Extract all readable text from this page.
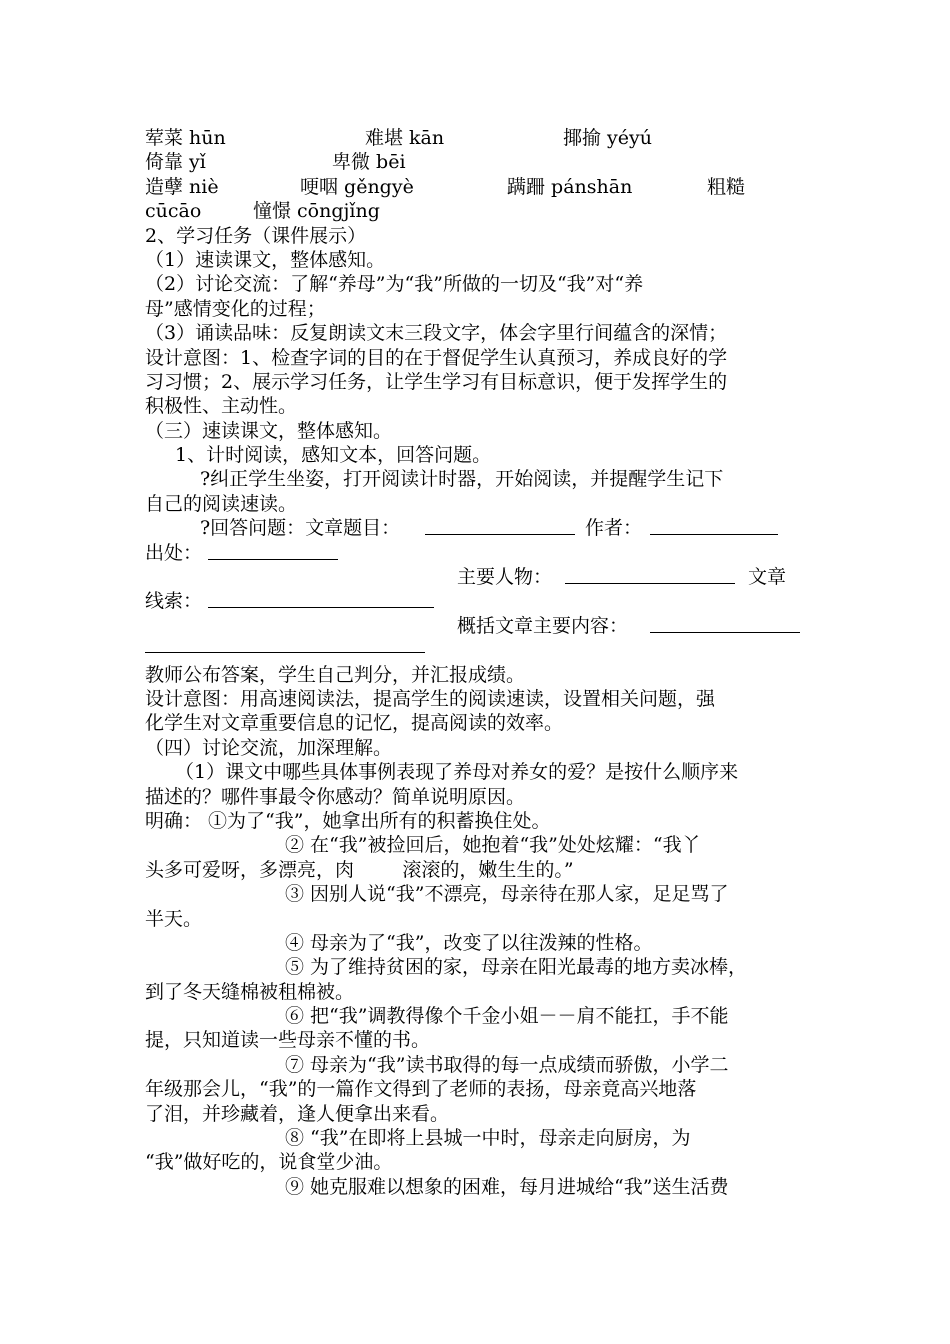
荤菜 hūn	难堪 kān	揶揄 yéyú
倚靠 yǐ	卑微 bēi
造孽 niè	哽咽 gěngyè	蹒跚 pánshān	粗糙
cūcāo	憧憬 cōngjǐng
2、学习任务（课件展示）
（1）速读课文，整体感知。
（2）讨论交流：了解“养母”为“我”所做的一切及“我”对“养
母”感情变化的过程；
（3）诵读品味：反复朗读文末三段文字，体会字里行间蕴含的深情；
设计意图：1、检查字词的目的在于督促学生认真预习，养成良好的学
习习惯；2、展示学习任务，让学生学习有目标意识，便于发挥学生的
积极性、主动性。
（三）速读课文，整体感知。
1、计时阅读，感知文本，回答问题。
?纠正学生坐姿，打开阅读计时器，开始阅读，并提醒学生记下
自己的阅读速读。
?回答问题：文章题目：	作者：
出处：
主要人物：	文章
线索：
概括文章主要内容：
教师公布答案，学生自己判分，并汇报成绩。
设计意图：用高速阅读法，提高学生的阅读速读，设置相关问题，强
化学生对文章重要信息的记忆，提高阅读的效率。
（四）讨论交流，加深理解。
（1）课文中哪些具体事例表现了养母对养女的爱？是按什么顺序来
描述的？哪件事最令你感动？简单说明原因。
明确： ①为了“我”，她拿出所有的积蓄换住处。
② 在“我”被捡回后，她抱着“我”处处炫耀：“我丫
头多可爱呀，多漂亮，肉        滚滚的，嫩生生的。”
③ 因别人说“我”不漂亮，母亲待在那人家，足足骂了
半天。
④ 母亲为了“我”，改变了以往泼辣的性格。
⑤ 为了维持贫困的家，母亲在阳光最毒的地方卖冰棒，
到了冬天缝棉被租棉被。
⑥ 把“我”调教得像个千金小姐－－肩不能扛，手不能
提，只知道读一些母亲不懂的书。
⑦ 母亲为“我”读书取得的每一点成绩而骄傲，小学二
年级那会儿，“我”的一篇作文得到了老师的表扬，母亲竟高兴地落
了泪，并珍藏着，逢人便拿出来看。
⑧ “我”在即将上县城一中时，母亲走向厨房，为
“我”做好吃的，说食堂少油。
⑨ 她克服难以想象的困难，每月进城给“我”送生活费
